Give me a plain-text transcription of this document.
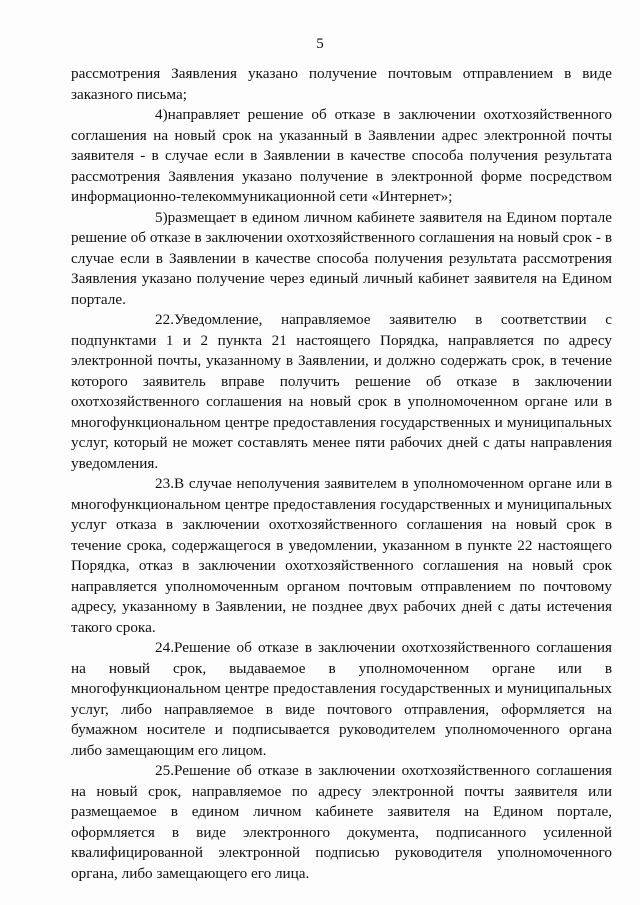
5

рассмотрения Заявления указано получение почтовым отправлением в виде заказного письма;

4)направляет решение об отказе в заключении охотхозяйственного соглашения на новый срок на указанный в Заявлении адрес электронной почты заявителя - в случае если в Заявлении в качестве способа получения результата рассмотрения Заявления указано получение в электронной форме посредством информационно-телекоммуникационной сети «Интернет»;

5)размещает в едином личном кабинете заявителя на Едином портале решение об отказе в заключении охотхозяйственного соглашения на новый срок - в случае если в Заявлении в качестве способа получения результата рассмотрения Заявления указано получение через единый личный кабинет заявителя на Едином портале.

22.Уведомление, направляемое заявителю в соответствии с подпунктами 1 и 2 пункта 21 настоящего Порядка, направляется по адресу электронной почты, указанному в Заявлении, и должно содержать срок, в течение которого заявитель вправе получить решение об отказе в заключении охотхозяйственного соглашения на новый срок в уполномоченном органе или в многофункциональном центре предоставления государственных и муниципальных услуг, который не может составлять менее пяти рабочих дней с даты направления уведомления.

23.В случае неполучения заявителем в уполномоченном органе или в многофункциональном центре предоставления государственных и муниципальных услуг отказа в заключении охотхозяйственного соглашения на новый срок в течение срока, содержащегося в уведомлении, указанном в пункте 22 настоящего Порядка, отказ в заключении охотхозяйственного соглашения на новый срок направляется уполномоченным органом почтовым отправлением по почтовому адресу, указанному в Заявлении, не позднее двух рабочих дней с даты истечения такого срока.

24.Решение об отказе в заключении охотхозяйственного соглашения на новый срок, выдаваемое в уполномоченном органе или в многофункциональном центре предоставления государственных и муниципальных услуг, либо направляемое в виде почтового отправления, оформляется на бумажном носителе и подписывается руководителем уполномоченного органа либо замещающим его лицом.

25.Решение об отказе в заключении охотхозяйственного соглашения на новый срок, направляемое по адресу электронной почты заявителя или размещаемое в едином личном кабинете заявителя на Едином портале, оформляется в виде электронного документа, подписанного усиленной квалифицированной электронной подписью руководителя уполномоченного органа, либо замещающего его лица.
